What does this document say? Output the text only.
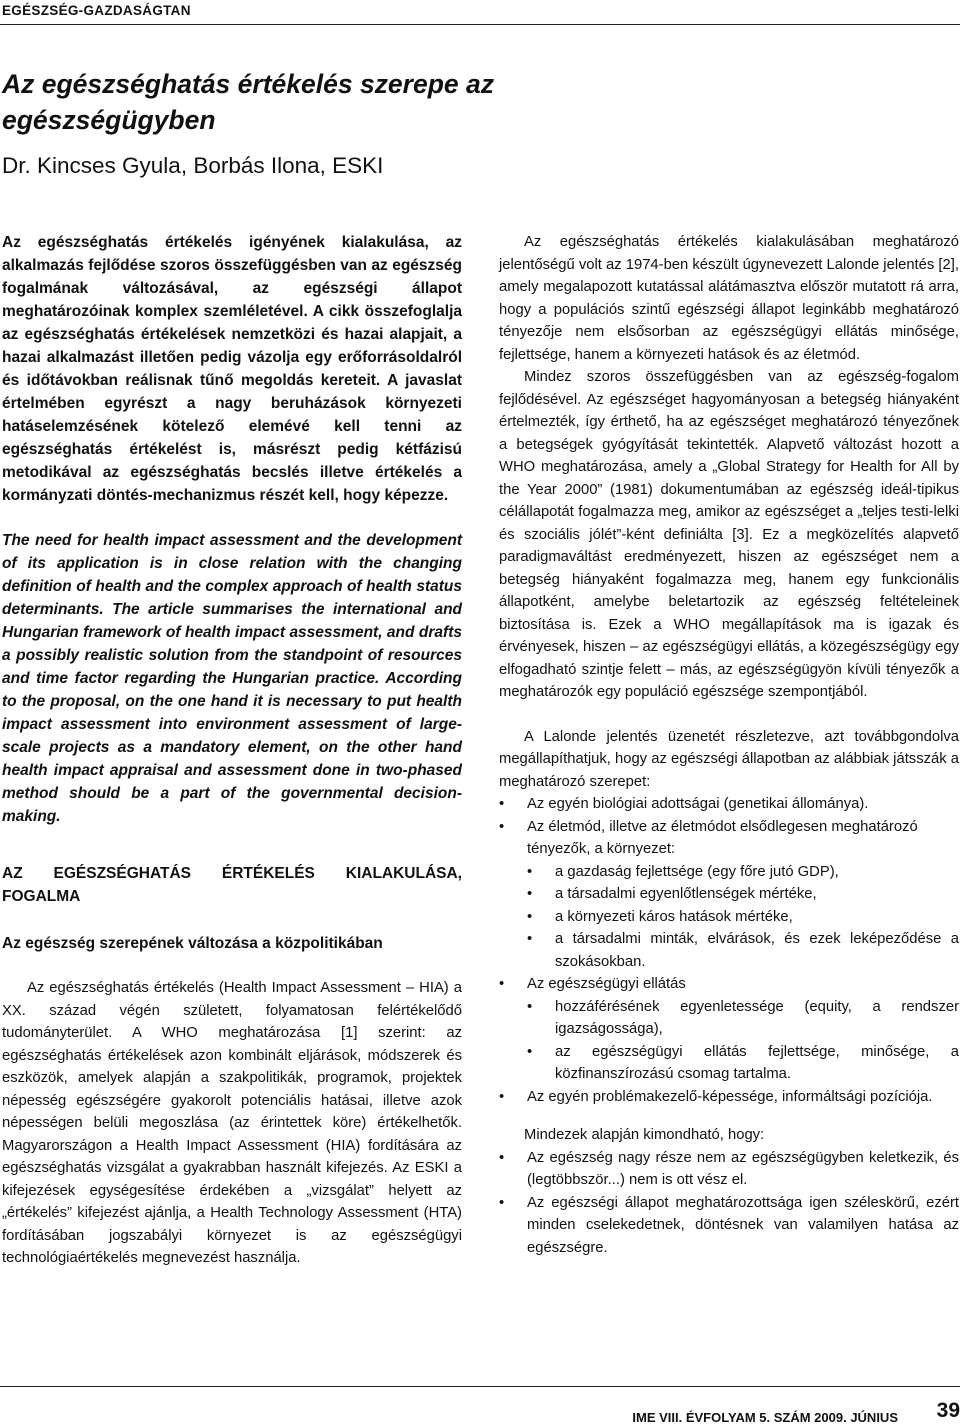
EGÉSZSÉG-GAZDASÁGTAN
Az egészséghatás értékelés szerepe az egészségügyben
Dr. Kincses Gyula, Borbás Ilona, ESKI

Az egészséghatás értékelés igényének kialakulása, az alkalmazás fejlődése szoros összefüggésben van az egészség fogalmának változásával, az egészségi állapot meghatározóinak komplex szemléletével. A cikk összefoglalja az egészséghatás értékelések nemzetközi és hazai alapjait, a hazai alkalmazást illetően pedig vázolja egy erőforrásoldalról és időtávokban reálisnak tűnő megoldás kereteit. A javaslat értelmében egyrészt a nagy beruházások környezeti hatáselemzésének kötelező elemévé kell tenni az egészséghatás értékelést is, másrészt pedig kétfázisú metodikával az egészséghatás becslés illetve értékelés a kormányzati döntés-mechanizmus részét kell, hogy képezze.

The need for health impact assessment and the development of its application is in close relation with the changing definition of health and the complex approach of health status determinants. The article summarises the international and Hungarian framework of health impact assessment, and drafts a possibly realistic solution from the standpoint of resources and time factor regarding the Hungarian practice. According to the proposal, on the one hand it is necessary to put health impact assessment into environment assessment of large-scale projects as a mandatory element, on the other hand health impact appraisal and assessment done in two-phased method should be a part of the governmental decision-making.

AZ EGÉSZSÉGHATÁS ÉRTÉKELÉS KIALAKULÁSA, FOGALMA

Az egészség szerepének változása a közpolitikában

Az egészséghatás értékelés (Health Impact Assessment – HIA) a XX. század végén született, folyamatosan felértékelődő tudományterület. A WHO meghatározása [1] szerint: az egészséghatás értékelések azon kombinált eljárások, módszerek és eszközök, amelyek alapján a szakpolitikák, programok, projektek népesség egészségére gyakorolt potenciális hatásai, illetve azok népességen belüli megoszlása (az érintettek köre) értékelhetők. Magyarországon a Health Impact Assessment (HIA) fordítására az egészséghatás vizsgálat a gyakrabban használt kifejezés. Az ESKI a kifejezések egységesítése érdekében a „vizsgálat” helyett az „értékelés” kifejezést ajánlja, a Health Technology Assessment (HTA) fordításában jogszabályi környezet is az egészségügyi technológiaértékelés megnevezést használja.

Az egészséghatás értékelés kialakulásában meghatározó jelentőségű volt az 1974-ben készült úgynevezett Lalonde jelentés [2], amely megalapozott kutatással alátámasztva először mutatott rá arra, hogy a populációs szintű egészségi állapot leginkább meghatározó tényezője nem elsősorban az egészségügyi ellátás minősége, fejlettsége, hanem a környezeti hatások és az életmód.

Mindez szoros összefüggésben van az egészség-fogalom fejlődésével. Az egészséget hagyományosan a betegség hiányaként értelmezték, így érthető, ha az egészséget meghatározó tényezőnek a betegségek gyógyítását tekintették. Alapvető változást hozott a WHO meghatározása, amely a „Global Strategy for Health for All by the Year 2000” (1981) dokumentumában az egészség ideál-tipikus célállapotát fogalmazza meg, amikor az egészséget a „teljes testi-lelki és szociális jólét”-ként definiálta [3]. Ez a megközelítés alapvető paradigmaváltást eredményezett, hiszen az egészséget nem a betegség hiányaként fogalmazza meg, hanem egy funkcionális állapotként, amelybe beletartozik az egészség feltételeinek biztosítása is. Ezek a WHO megállapítások ma is igazak és érvényesek, hiszen – az egészségügyi ellátás, a közegészségügy egy elfogadható szintje felett – más, az egészségügyön kívüli tényezők a meghatározók egy populáció egészsége szempontjából.

A Lalonde jelentés üzenetét részletezve, azt továbbgondolva megállapíthatjuk, hogy az egészségi állapotban az alábbiak játsszák a meghatározó szerepet:

• Az egyén biológiai adottságai (genetikai állománya).
• Az életmód, illetve az életmódot elsődlegesen meghatározó tényezők, a környezet:
• a gazdaság fejlettsége (egy főre jutó GDP),
• a társadalmi egyenlőtlenségek mértéke,
• a környezeti káros hatások mértéke,
• a társadalmi minták, elvárások, és ezek leképeződése a szokásokban.
• Az egészségügyi ellátás
• hozzáférésének egyenletessége (equity, a rendszer igazságossága),
• az egészségügyi ellátás fejlettsége, minősége, a közfinanszírozású csomag tartalma.
• Az egyén problémakezelő-képessége, informáltsági pozíciója.

Mindezek alapján kimondható, hogy:

• Az egészség nagy része nem az egészségügyben keletkezik, és (legtöbbször...) nem is ott vész el.
• Az egészségi állapot meghatározottsága igen széleskörű, ezért minden cselekedetnek, döntésnek van valamilyen hatása az egészségre.
IME VIII. ÉVFOLYAM 5. SZÁM 2009. JÚNIUS 39
